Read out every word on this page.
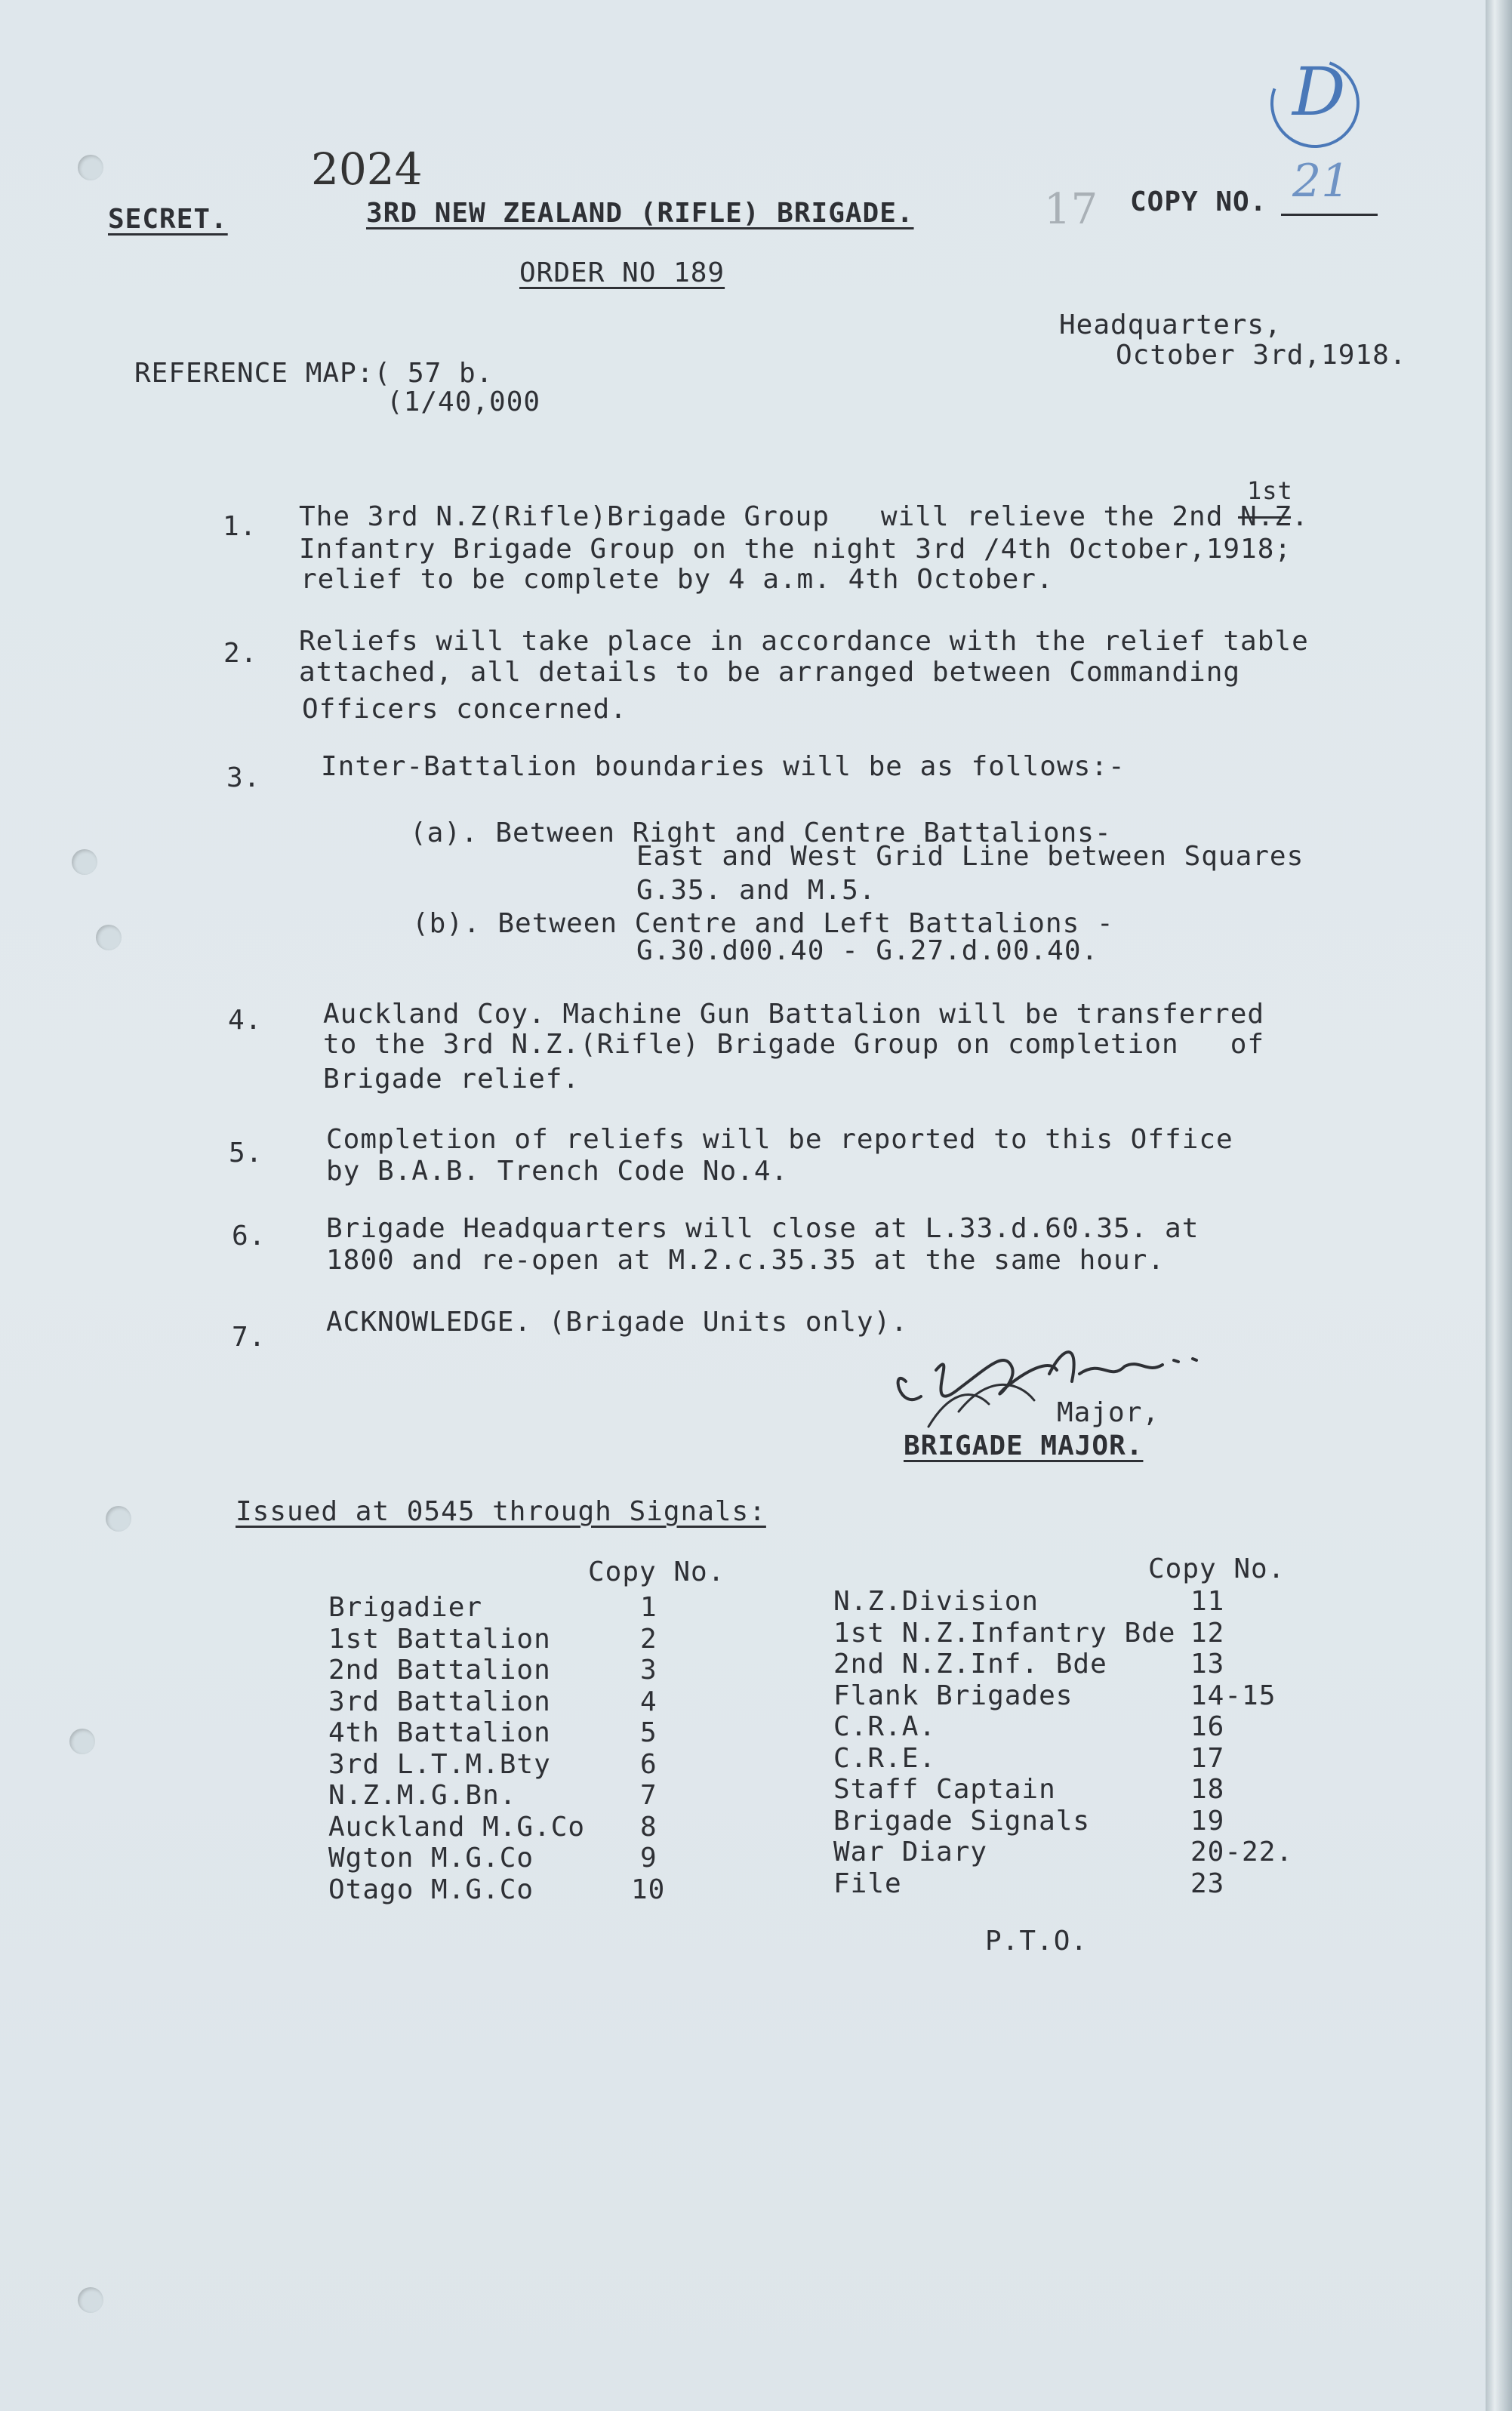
2024
17
D
SECRET.	3RD NEW ZEALAND (RIFLE) BRIGADE.	COPY NO. 21
ORDER NO 189
Headquarters,
October 3rd,1918.
REFERENCE MAP:( 57 b.
(1/40,000
1. The 3rd N.Z(Rifle)Brigade Group   will relieve the 2nd N.Z.
Infantry Brigade Group on the night 3rd /4th October,1918;
relief to be complete by 4 a.m. 4th October.
1st
2. Reliefs will take place in accordance with the relief table
attached, all details to be arranged between Commanding
Officers concerned.
3. Inter-Battalion boundaries will be as follows:-
(a). Between Right and Centre Battalions-
East and West Grid Line between Squares
G.35. and M.5.
(b). Between Centre and Left Battalions -
G.30.d00.40 - G.27.d.00.40.
4. Auckland Coy. Machine Gun Battalion will be transferred
to the 3rd N.Z.(Rifle) Brigade Group on completion   of
Brigade relief.
5. Completion of reliefs will be reported to this Office
by B.A.B. Trench Code No.4.
6. Brigade Headquarters will close at L.33.d.60.35. at
1800 and re-open at M.2.c.35.35 at the same hour.
7. ACKNOWLEDGE. (Brigade Units only).
Major,
BRIGADE MAJOR.
Issued at 0545 through Signals:
Copy No.	Copy No.
Brigadier	1
1st Battalion	2
2nd Battalion	3
3rd Battalion	4
4th Battalion	5
3rd L.T.M.Bty	6
N.Z.M.G.Bn.	7
Auckland M.G.Co 8
Wgton M.G.Co	9
Otago M.G.Co	10
N.Z.Division	11
1st N.Z.Infantry Bde 12
2nd N.Z.Inf. Bde	13
Flank Brigades	14-15
C.R.A.	16
C.R.E.	17
Staff Captain	18
Brigade Signals	19
War Diary	20-22.
File	23
P.T.O.
